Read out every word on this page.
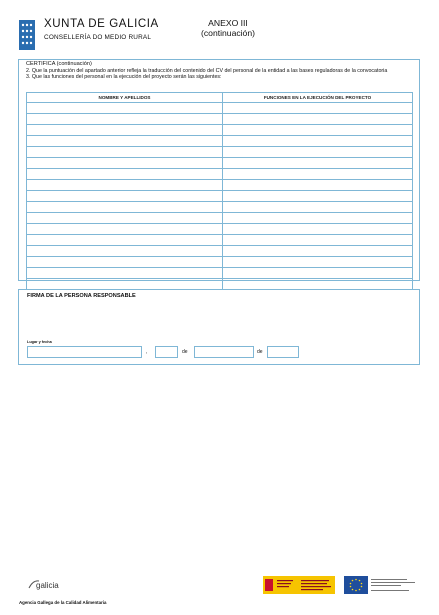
XUNTA DE GALICIA
CONSELLERÍA DO MEDIO RURAL
ANEXO III
(continuación)
CERTIFICA (continuación)
2. Que la puntuación del apartado anterior refleja la traducción del contenido del CV del personal de la entidad a las bases reguladoras de la convocatoria
3. Que las funciones del personal en la ejecución del proyecto serán las siguientes:
NOMBRE Y APELLIDOS	FUNCIONES EN LA EJECUCIÓN DEL PROYECTO

FIRMA DE LA PERSONA RESPONSABLE
Lugar y fecha
,	de	de
galicia
Agencia Gallega de la Calidad Alimentaria
